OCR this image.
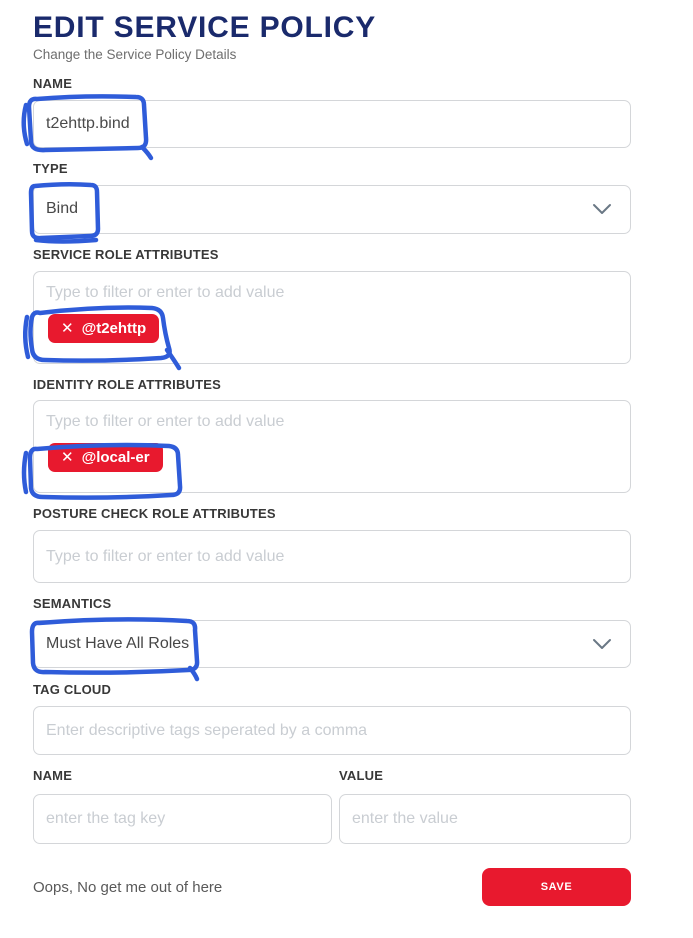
EDIT SERVICE POLICY

Change the Service Policy Details

NAME
t2ehttp.bind
TYPE
Bind
SERVICE ROLE ATTRIBUTES
Type to filter or enter to add value
✕ @t2ehttp
IDENTITY ROLE ATTRIBUTES
Type to filter or enter to add value
✕ @local-er
POSTURE CHECK ROLE ATTRIBUTES
Type to filter or enter to add value
SEMANTICS
Must Have All Roles
TAG CLOUD
Enter descriptive tags seperated by a comma
NAME
enter the tag key	VALUE
enter the value
Oops, No get me out of here	SAVE
